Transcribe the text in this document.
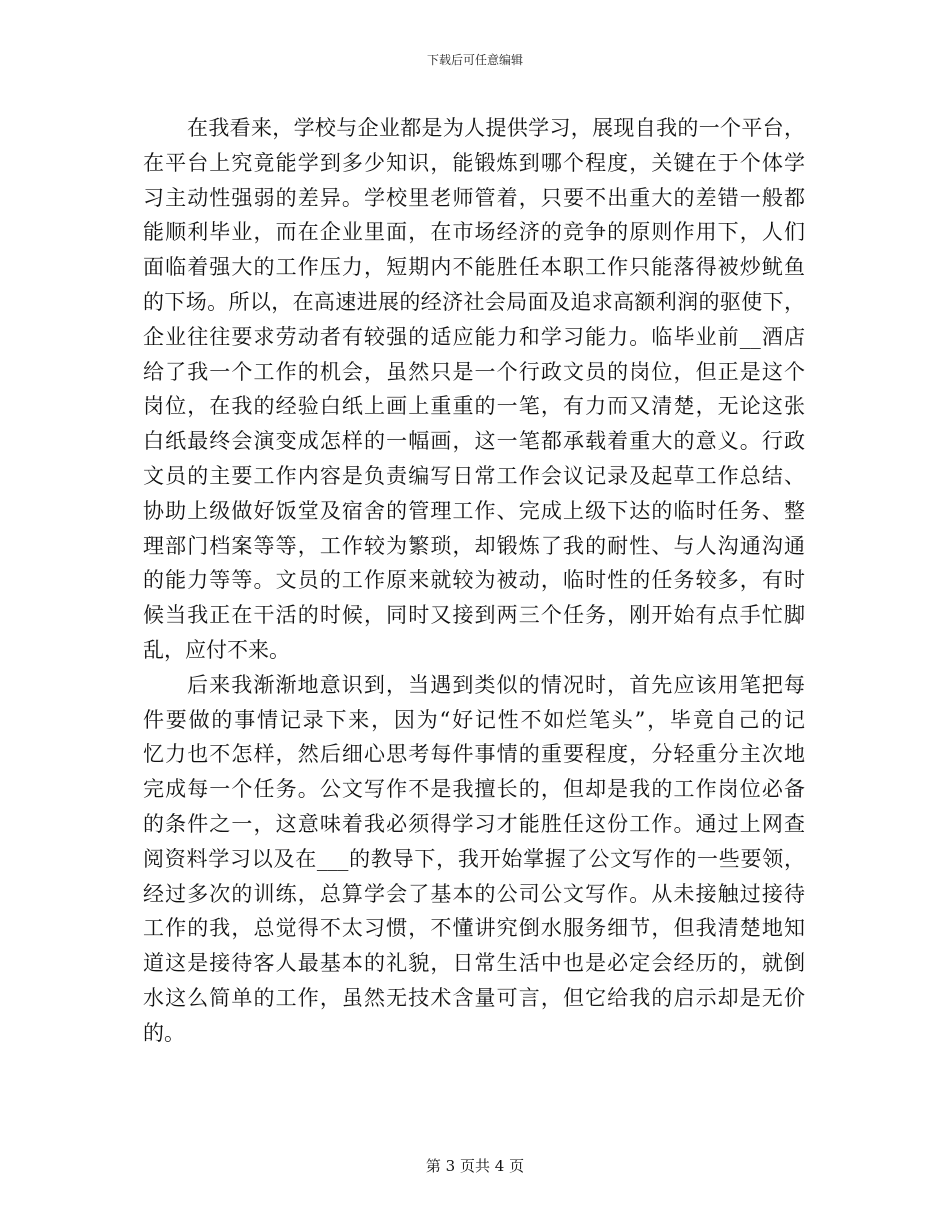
下载后可任意编辑
在我看来，学校与企业都是为人提供学习，展现自我的一个平台，
在平台上究竟能学到多少知识，能锻炼到哪个程度，关键在于个体学
习主动性强弱的差异。学校里老师管着，只要不出重大的差错一般都
能顺利毕业，而在企业里面，在市场经济的竞争的原则作用下，人们
面临着强大的工作压力，短期内不能胜任本职工作只能落得被炒鱿鱼
的下场。所以，在高速进展的经济社会局面及追求高额利润的驱使下，
企业往往要求劳动者有较强的适应能力和学习能力。临毕业前__酒店
给了我一个工作的机会，虽然只是一个行政文员的岗位，但正是这个
岗位，在我的经验白纸上画上重重的一笔，有力而又清楚，无论这张
白纸最终会演变成怎样的一幅画，这一笔都承载着重大的意义。行政
文员的主要工作内容是负责编写日常工作会议记录及起草工作总结、
协助上级做好饭堂及宿舍的管理工作、完成上级下达的临时任务、整
理部门档案等等，工作较为繁琐，却锻炼了我的耐性、与人沟通沟通
的能力等等。文员的工作原来就较为被动，临时性的任务较多，有时
候当我正在干活的时候，同时又接到两三个任务，刚开始有点手忙脚
乱，应付不来。
后来我渐渐地意识到，当遇到类似的情况时，首先应该用笔把每
件要做的事情记录下来，因为“好记性不如烂笔头”，毕竟自己的记
忆力也不怎样，然后细心思考每件事情的重要程度，分轻重分主次地
完成每一个任务。公文写作不是我擅长的，但却是我的工作岗位必备
的条件之一，这意味着我必须得学习才能胜任这份工作。通过上网查
阅资料学习以及在___的教导下，我开始掌握了公文写作的一些要领，
经过多次的训练，总算学会了基本的公司公文写作。从未接触过接待
工作的我，总觉得不太习惯，不懂讲究倒水服务细节，但我清楚地知
道这是接待客人最基本的礼貌，日常生活中也是必定会经历的，就倒
水这么简单的工作，虽然无技术含量可言，但它给我的启示却是无价
的。
第 3 页共 4 页
